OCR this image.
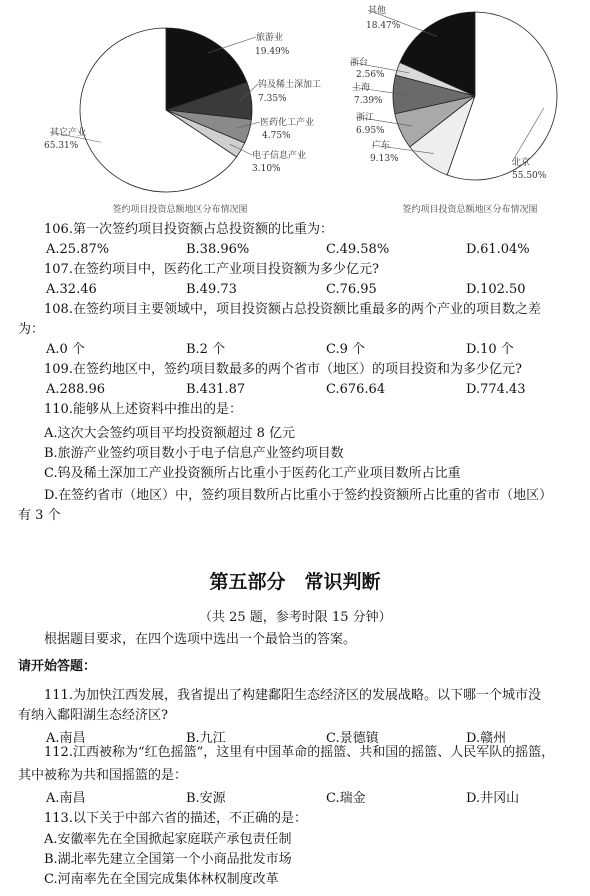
旅游业
19.49%
钨及稀土深加工
7.35%
医药化工产业
4.75%
电子信息产业
3.10%
其它产业
65.31%
签约项目投资总额地区分布情况图
其他
18.47%
浙台
2.56%
上海
7.39%
浙江
6.95%
广东
9.13%	北京
55.50%
签约项目投资总额地区分布情况图
106.第一次签约项目投资额占总投资额的比重为：
A.25.87%	B.38.96%	C.49.58%	D.61.04%
107.在签约项目中，医药化工产业项目投资额为多少亿元?
A.32.46	B.49.73	C.76.95	D.102.50
108.在签约项目主要领域中，项目投资额占总投资额比重最多的两个产业的项目数之差
为：
A.0 个	B.2 个	C.9 个	D.10 个
109.在签约地区中，签约项目数最多的两个省市（地区）的项目投资和为多少亿元?
A.288.96	B.431.87	C.676.64	D.774.43
110.能够从上述资料中推出的是：
A.这次大会签约项目平均投资额超过 8 亿元
B.旅游产业签约项目数小于电子信息产业签约项目数
C.钨及稀土深加工产业投资额所占比重小于医药化工产业项目数所占比重
D.在签约省市（地区）中，签约项目数所占比重小于签约投资额所占比重的省市（地区）
有 3 个
第五部分　常识判断
（共 25 题，参考时限 15 分钟）
根据题目要求，在四个选项中选出一个最恰当的答案。
请开始答题：
111.为加快江西发展，我省提出了构建鄱阳生态经济区的发展战略。以下哪一个城市没
有纳入鄱阳湖生态经济区?
A.南昌	B.九江	C.景德镇	D.赣州
112.江西被称为“红色摇篮”，这里有中国革命的摇篮、共和国的摇篮、人民军队的摇篮，
其中被称为共和国摇篮的是：
A.南昌	B.安源	C.瑞金	D.井冈山
113.以下关于中部六省的描述，不正确的是：
A.安徽率先在全国掀起家庭联产承包责任制
B.湖北率先建立全国第一个小商品批发市场
C.河南率先在全国完成集体林权制度改革
